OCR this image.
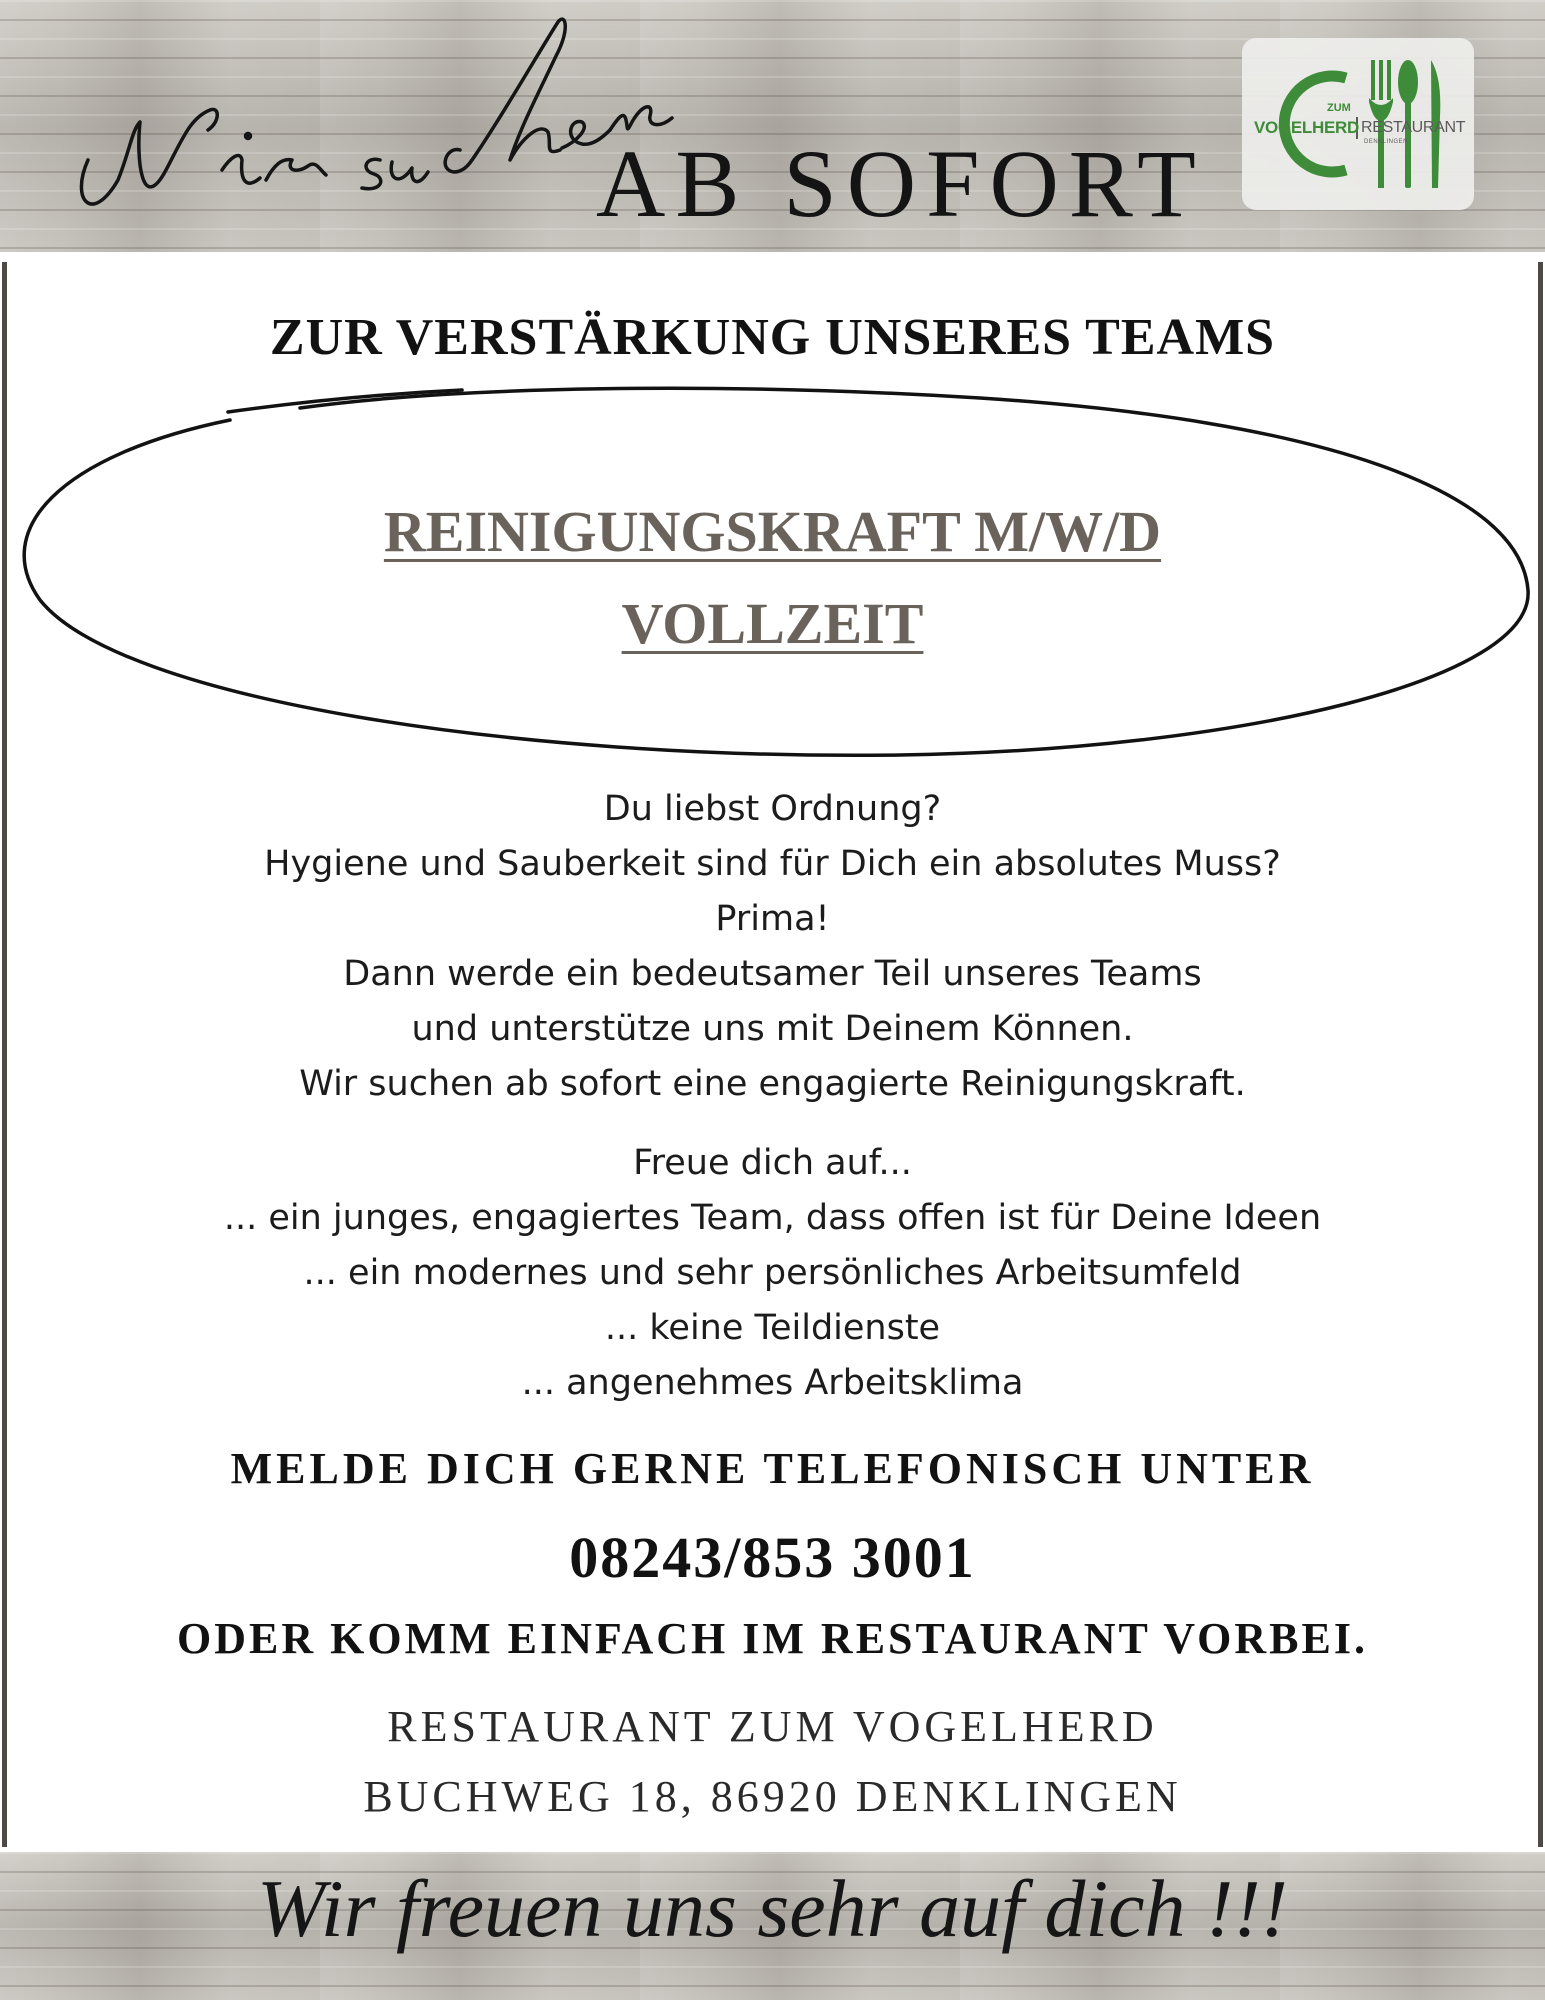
AB SOFORT
ZUM
VOGELHERD RESTAURANT
DENKLINGEN
ZUR VERSTÄRKUNG UNSERES TEAMS
REINIGUNGSKRAFT M/W/D
VOLLZEIT
Du liebst Ordnung?
Hygiene und Sauberkeit sind für Dich ein absolutes Muss?
Prima!
Dann werde ein bedeutsamer Teil unseres Teams
und unterstütze uns mit Deinem Können.
Wir suchen ab sofort eine engagierte Reinigungskraft.
Freue dich auf...
... ein junges, engagiertes Team, dass offen ist für Deine Ideen
... ein modernes und sehr persönliches Arbeitsumfeld
... keine Teildienste
... angenehmes Arbeitsklima
MELDE DICH GERNE TELEFONISCH UNTER
08243/853 3001
ODER KOMM EINFACH IM RESTAURANT VORBEI.
RESTAURANT ZUM VOGELHERD
BUCHWEG 18, 86920 DENKLINGEN
Wir freuen uns sehr auf dich !!!
